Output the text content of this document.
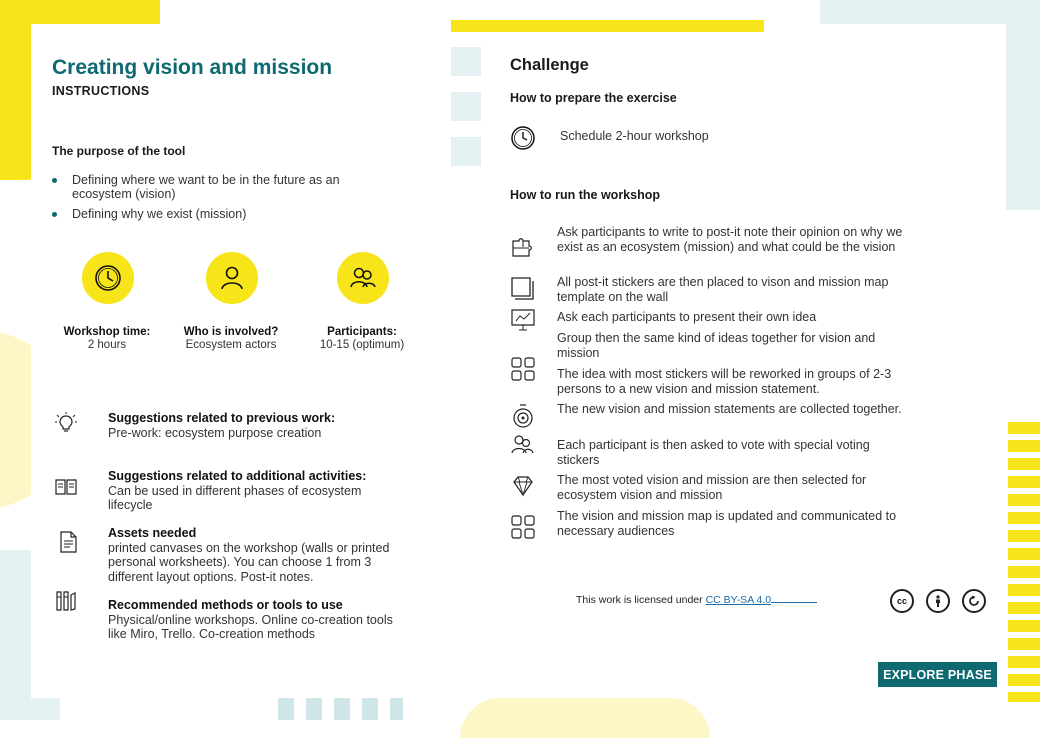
Creating vision and mission
INSTRUCTIONS
The purpose of the tool
Defining where we want to be in the future as an ecosystem (vision)
Defining why we exist (mission)
Workshop time:
2 hours
Who is involved?
Ecosystem actors
Participants:
10-15 (optimum)
Suggestions related to previous work:
Pre-work: ecosystem purpose creation
Suggestions related to additional activities:
Can be used in different phases of ecosystem lifecycle
Assets needed
printed canvases on the workshop (walls or printed personal worksheets). You can choose 1 from 3 different layout options. Post-it notes.
Recommended methods or tools to use
Physical/online workshops. Online co-creation tools like Miro, Trello. Co-creation methods
Challenge
How to prepare the exercise
Schedule 2-hour workshop
How to run the workshop
Ask participants to write to post-it note their opinion on why we exist as an ecosystem (mission) and what could be the vision
All post-it stickers are then placed to vison and mission map template on the wall
Ask each participants to present their own idea
Group then the same kind of ideas together for vision and mission
The idea with most stickers will be reworked in groups of 2-3 persons to a new vision and mission statement.
The new vision and mission statements are collected together.
Each participant is then asked to vote with special voting stickers
The most voted vision and mission are then selected for ecosystem vision and mission
The vision and mission map is updated and communicated to necessary audiences
This work is licensed under CC BY-SA 4.0	cc
EXPLORE PHASE
